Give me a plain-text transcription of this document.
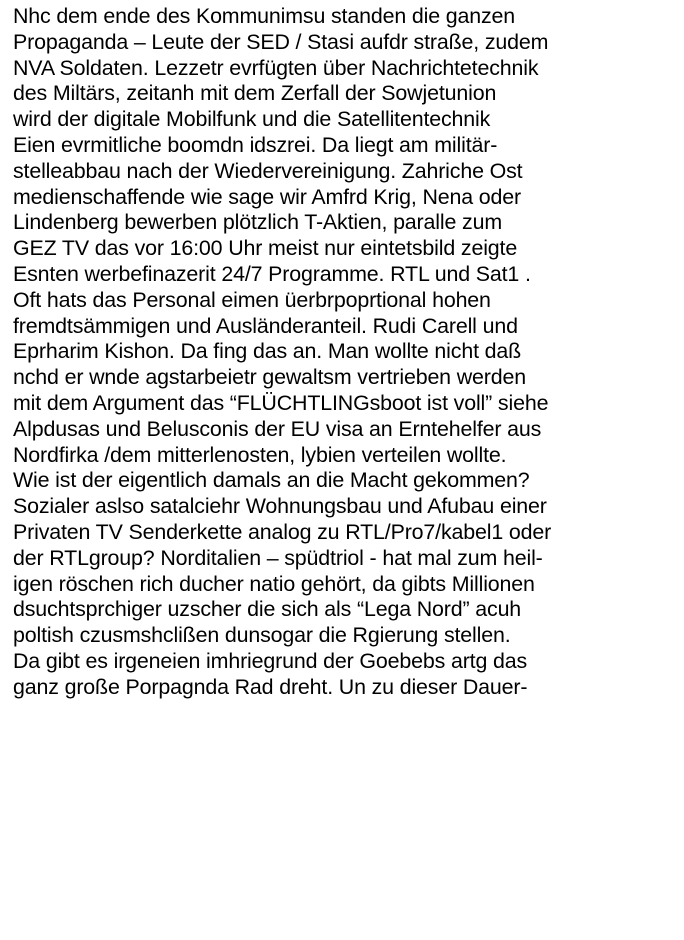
Nhc dem ende des Kommunimsu standen die ganzen
Propaganda – Leute der SED / Stasi aufdr straße, zudem
NVA Soldaten. Lezzetr evrfügten über Nachrichtetechnik
des Miltärs, zeitanh mit dem Zerfall der Sowjetunion
wird der digitale Mobilfunk und die Satellitentechnik
Eien evrmitliche boomdn idszrei. Da liegt am militär-
stelleabbau nach der Wiedervereinigung. Zahriche Ost
medienschaffende wie sage wir Amfrd Krig, Nena oder
Lindenberg bewerben plötzlich T-Aktien, paralle zum
GEZ TV das vor 16:00 Uhr meist nur eintetsbild zeigte
Esnten werbefinazerit 24/7 Programme. RTL und Sat1 .
Oft hats das Personal eimen üerbrpoprtional hohen
fremdtsämmigen und Ausländeranteil. Rudi Carell und
Eprharim Kishon. Da fing das an. Man wollte nicht daß
nchd er wnde agstarbeietr gewaltsm vertrieben werden
mit dem Argument das “FLÜCHTLINGsboot ist voll” siehe
Alpdusas und Belusconis der EU visa an Erntehelfer aus
Nordfirka /dem mitterlenosten, lybien verteilen wollte.
Wie ist der eigentlich damals an die Macht gekommen?
Sozialer aslso satalcіehr Wohnungsbau und Afubau einer
Privaten TV Senderkette analog zu RTL/Pro7/kabel1 oder
der RTLgroup? Norditalien – spüdtriol - hat mal zum heil-
igen röschen rich ducher natio gehört, da gibts Millionen
dsuchtsprchiger uzscher die sich als “Lega Nord” acuh
poltish czusmshclißen dunsogar die Rgierung stellen.
Da gibt es irgeneien imhriegrund der Goebebs artg das
ganz große Porpagnda Rad dreht. Un zu dieser Dauer-
